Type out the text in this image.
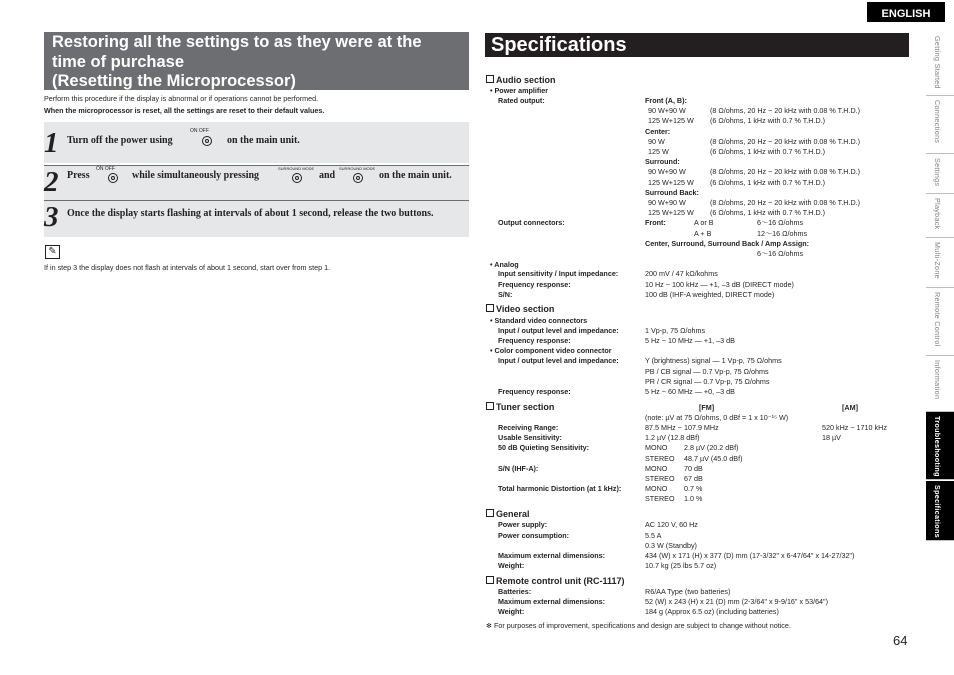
Restoring all the settings to as they were at the
time of purchase
(Resetting the Microprocessor)
Perform this procedure if the display is abnormal or if operations cannot be performed.
When the microprocessor is reset, all the settings are reset to their default values.
1 Turn off the power using
ON OFF
on the main unit.
2 Press
ON OFF
while simultaneously pressing
SURROUND MODE
and
SURROUND MODE
on the main unit.
3 Once the display starts flashing at intervals of about 1 second, release the two buttons.
✎
If in step 3 the display does not flash at intervals of about 1 second, start over from step 1.
Specifications
Audio section
• Power amplifier
Rated output:	Front (A, B):
90 W+90 W	(8 Ω/ohms, 20 Hz ~ 20 kHz with 0.08 % T.H.D.)
125 W+125 W (6 Ω/ohms, 1 kHz with 0.7 % T.H.D.)
Center:
90 W	(8 Ω/ohms, 20 Hz ~ 20 kHz with 0.08 % T.H.D.)
125 W	(6 Ω/ohms, 1 kHz with 0.7 % T.H.D.)
Surround:
90 W+90 W	(8 Ω/ohms, 20 Hz ~ 20 kHz with 0.08 % T.H.D.)
125 W+125 W (6 Ω/ohms, 1 kHz with 0.7 % T.H.D.)
Surround Back:
90 W+90 W	(8 Ω/ohms, 20 Hz ~ 20 kHz with 0.08 % T.H.D.)
125 W+125 W (6 Ω/ohms, 1 kHz with 0.7 % T.H.D.)
Output connectors:	Front:	A or B	6～16 Ω/ohms
A + B	12～16 Ω/ohms
Center, Surround, Surround Back / Amp Assign:
6～16 Ω/ohms
• Analog
Input sensitivity / Input impedance:	200 mV / 47 kΩ/kohms
Frequency response:	10 Hz ~ 100 kHz — +1, –3 dB (DIRECT mode)
S/N:	100 dB (IHF-A weighted, DIRECT mode)
Video section
• Standard video connectors
Input / output level and impedance:	1 Vp-p, 75 Ω/ohms
Frequency response:	5 Hz ~ 10 MHz — +1, –3 dB
• Color component video connector
Input / output level and impedance:	Y (brightness) signal — 1 Vp-p, 75 Ω/ohms
PB / CB signal — 0.7 Vp-p, 75 Ω/ohms
PR / CR signal — 0.7 Vp-p, 75 Ω/ohms
Frequency response:	5 Hz ~ 60 MHz — +0, –3 dB
Tuner section	[FM]	[AM]
(note: µV at 75 Ω/ohms, 0 dBf = 1 x 10⁻¹⁵ W)
Receiving Range:	87.5 MHz ~ 107.9 MHz	520 kHz ~ 1710 kHz
Usable Sensitivity:	1.2 µV (12.8 dBf)	18 µV
50 dB Quieting Sensitivity:	MONO 2.8 µV (20.2 dBf)
STEREO 48.7 µV (45.0 dBf)
S/N (IHF-A):	MONO 70 dB
STEREO 67 dB
Total harmonic Distortion (at 1 kHz):	MONO 0.7 %
STEREO 1.0 %
General
Power supply:	AC 120 V, 60 Hz
Power consumption:	5.5 A
0.3 W (Standby)
Maximum external dimensions:	434 (W) x 171 (H) x 377 (D) mm (17-3/32" x 6-47/64" x 14-27/32")
Weight:	10.7 kg (25 lbs 5.7 oz)
Remote control unit (RC-1117)
Batteries:	R6/AA Type (two batteries)
Maximum external dimensions:	52 (W) x 243 (H) x 21 (D) mm (2-3/64" x 9-9/16" x 53/64")
Weight:	184 g (Approx 6.5 oz) (including batteries)
✻ For purposes of improvement, specifications and design are subject to change without notice.
ENGLISH
Getting Started
Connections
Settings
Playback
Multi-Zone
Remote Control
Information
Troubleshooting
Specifications
64
